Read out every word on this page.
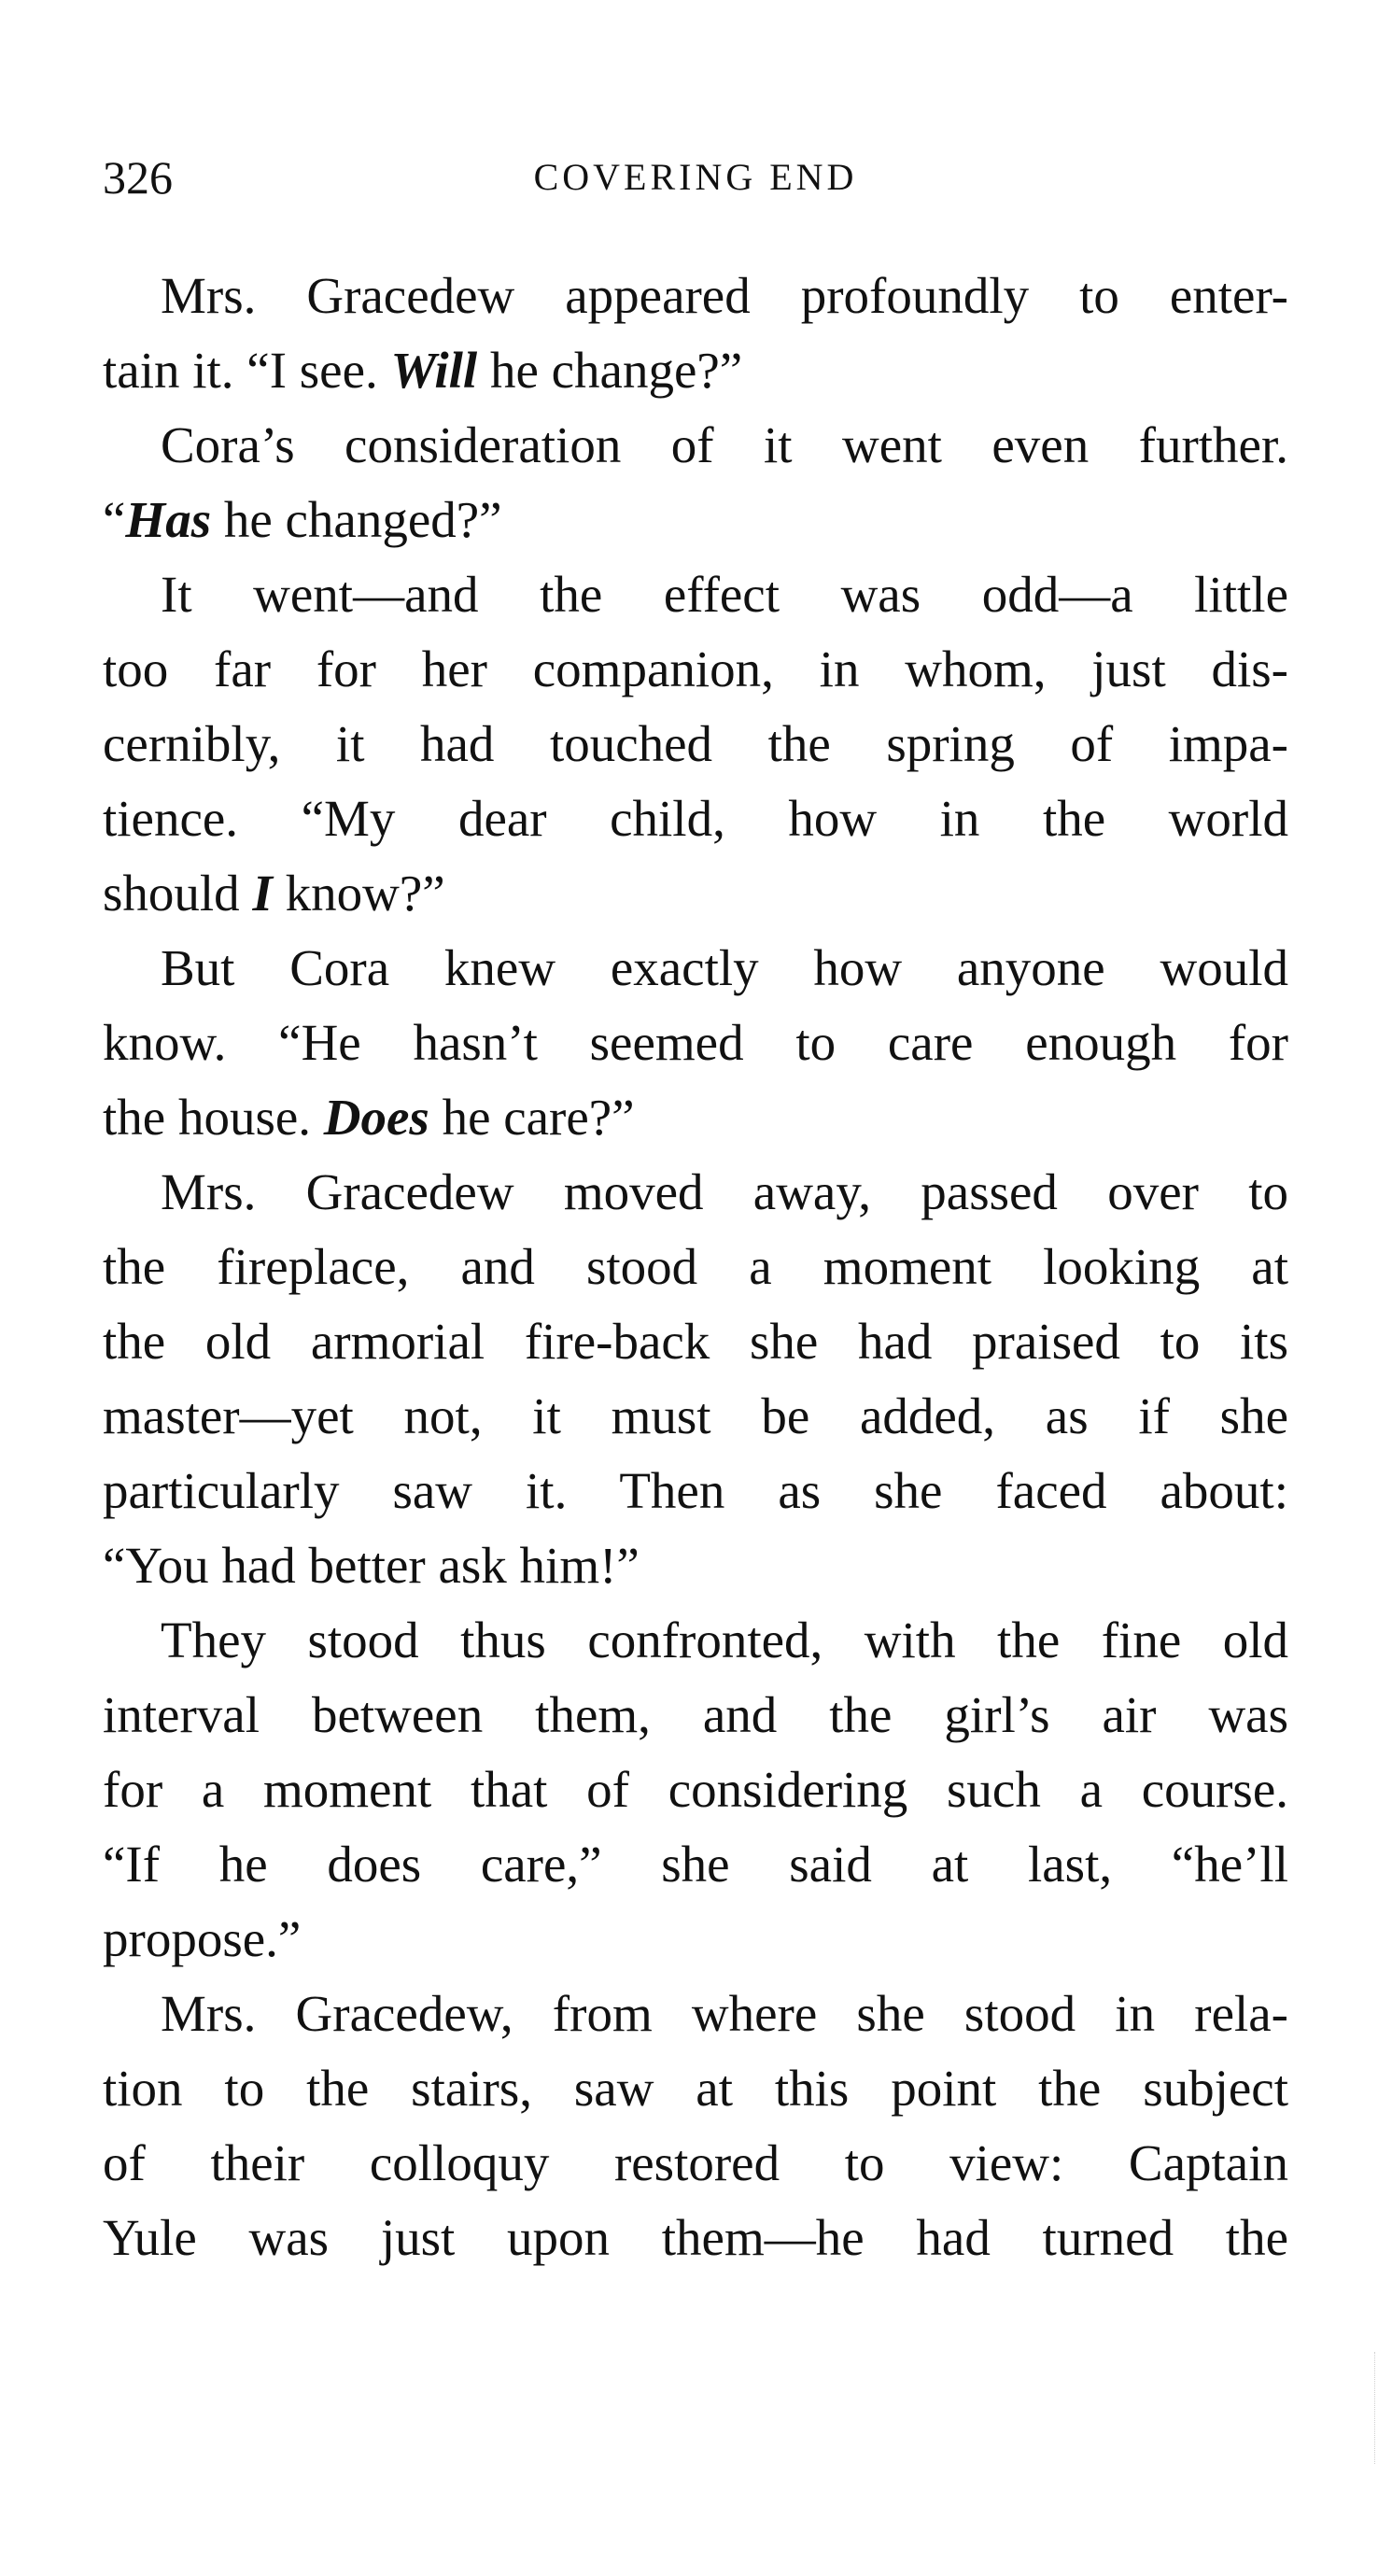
326	COVERING END
Mrs. Gracedew appeared profoundly to enter-
tain it. “I see. Will he change?”
Cora’s consideration of it went even further.
“Has he changed?”
It went—and the effect was odd—a little
too far for her companion, in whom, just dis-
cernibly, it had touched the spring of impa-
tience. “My dear child, how in the world
should I know?”
But Cora knew exactly how anyone would
know. “He hasn’t seemed to care enough for
the house. Does he care?”
Mrs. Gracedew moved away, passed over to
the fireplace, and stood a moment looking at
the old armorial fire-back she had praised to its
master—yet not, it must be added, as if she
particularly saw it. Then as she faced about:
“You had better ask him!”
They stood thus confronted, with the fine old
interval between them, and the girl’s air was
for a moment that of considering such a course.
“If he does care,” she said at last, “he’ll
propose.”
Mrs. Gracedew, from where she stood in rela-
tion to the stairs, saw at this point the subject
of their colloquy restored to view: Captain
Yule was just upon them—he had turned the
